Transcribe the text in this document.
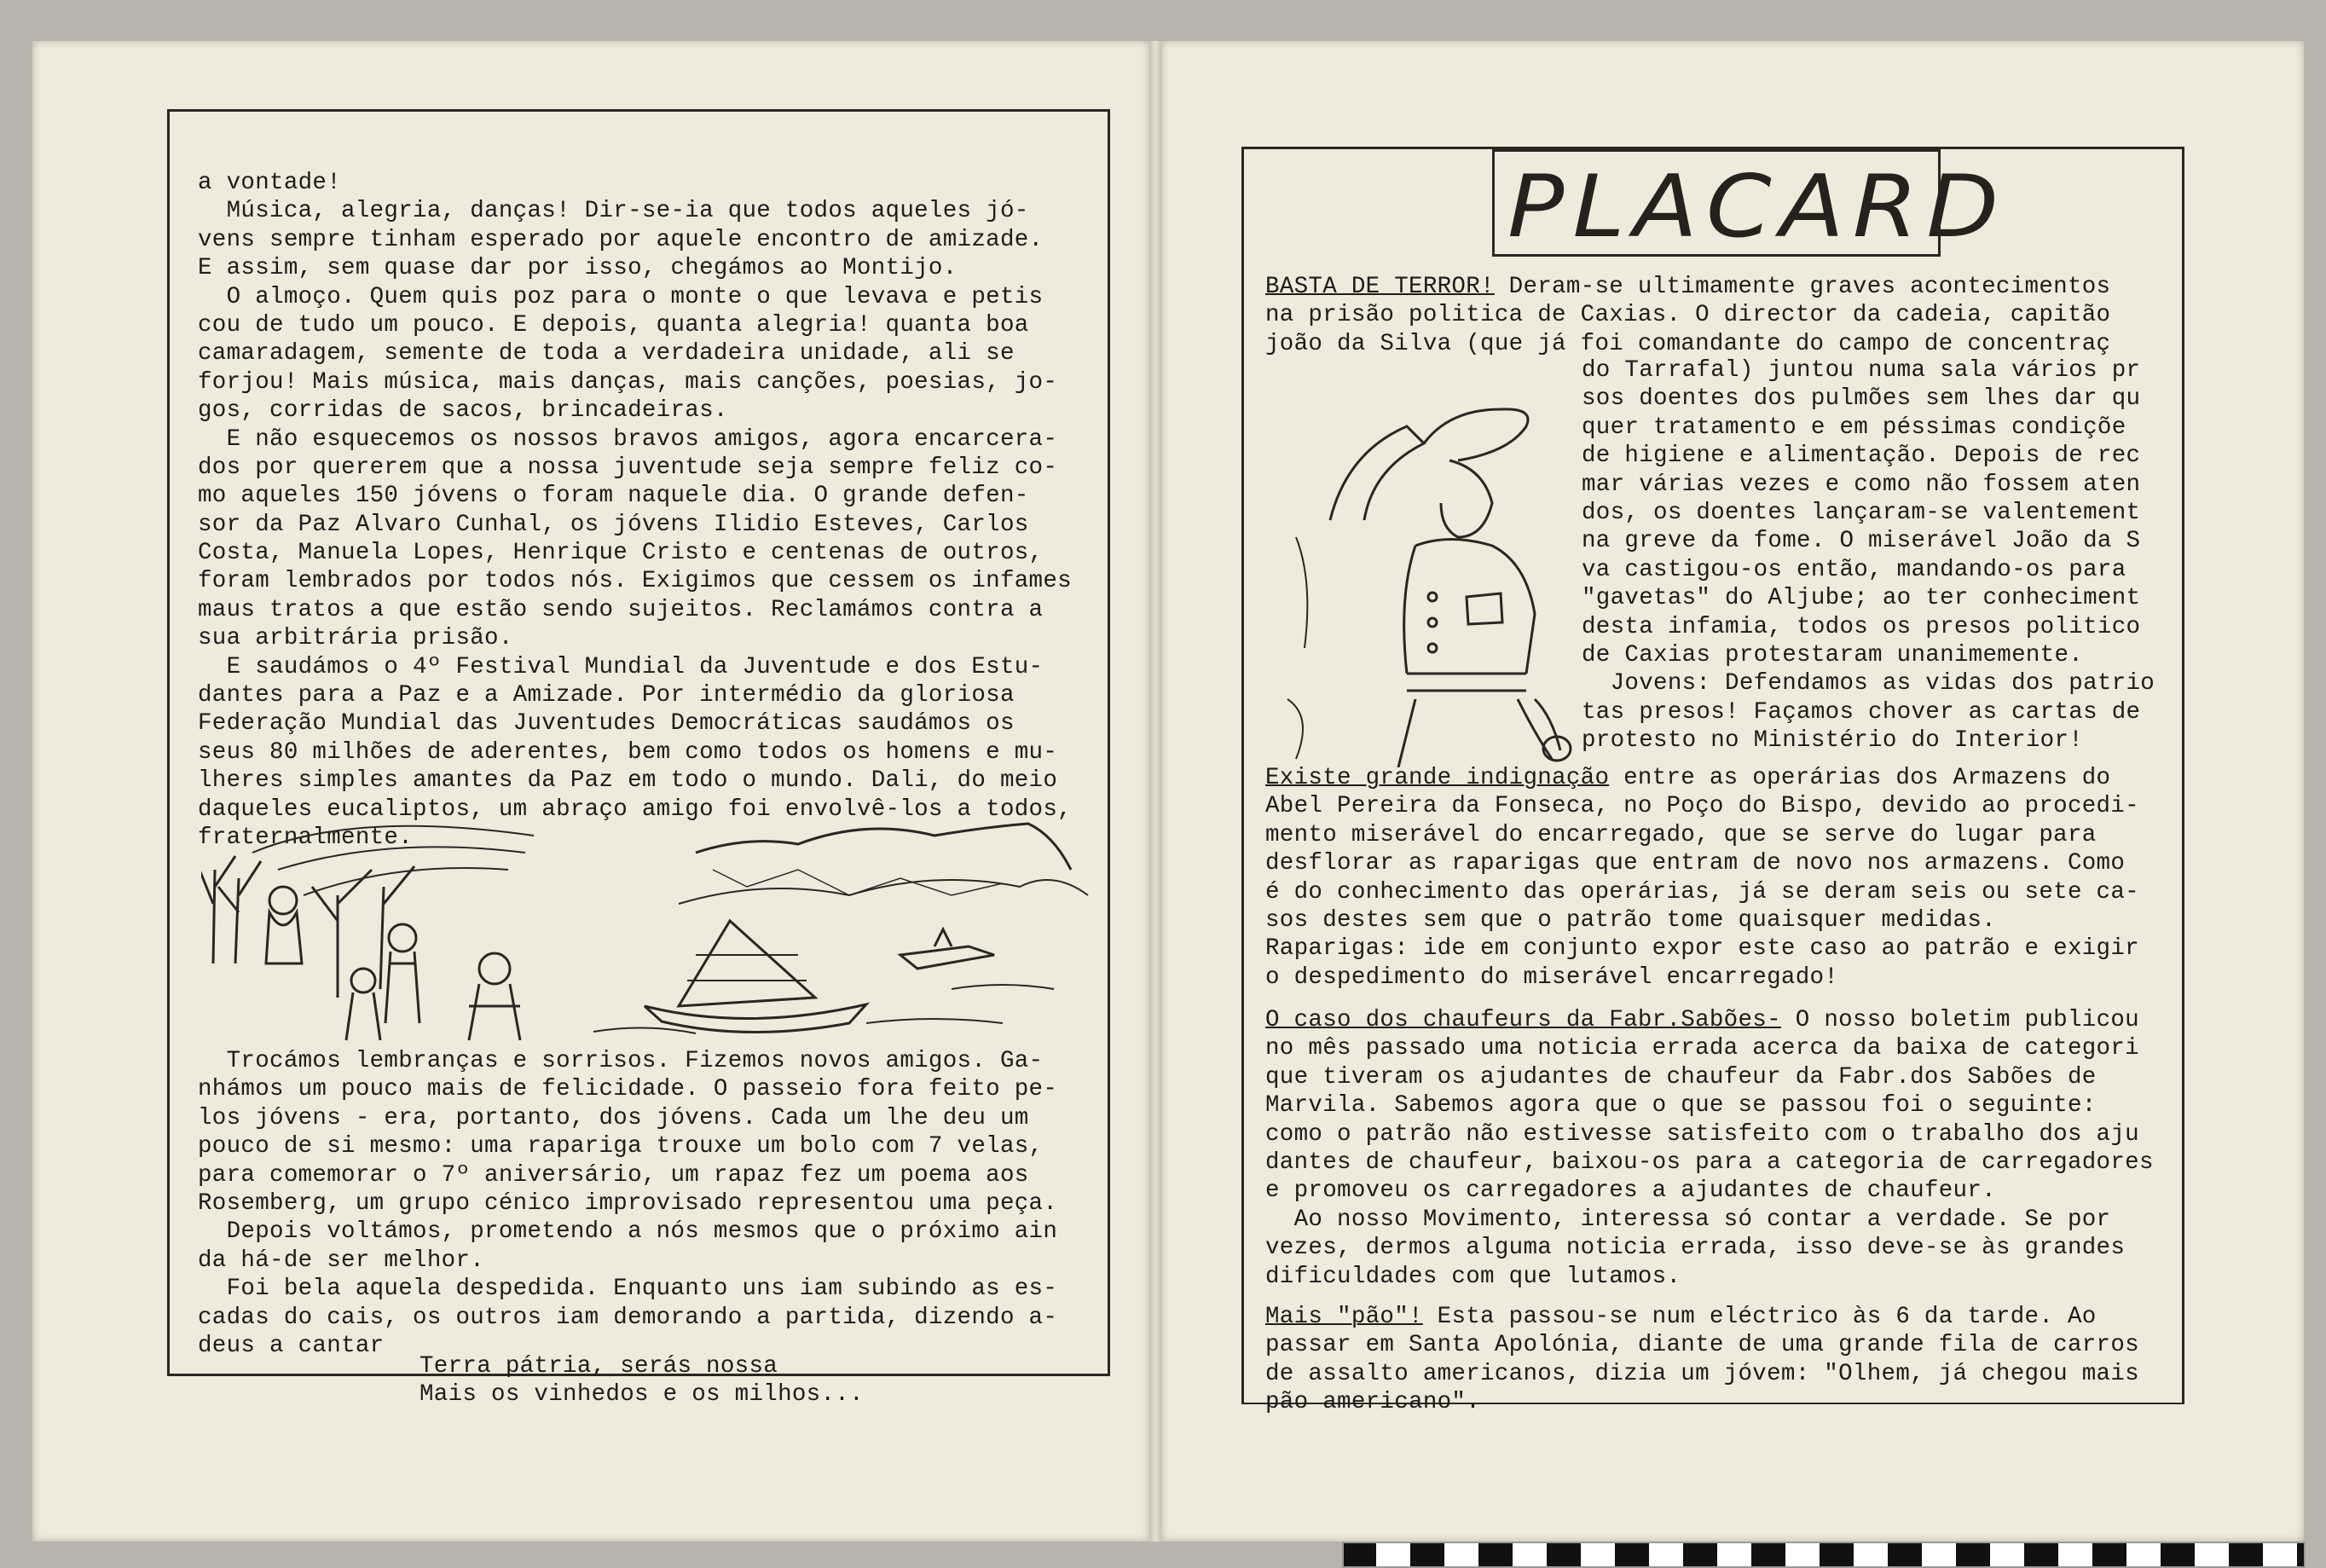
a vontade!
Música, alegria, danças! Dir-se-ia que todos aqueles jó-
vens sempre tinham esperado por aquele encontro de amizade.
E assim, sem quase dar por isso, chegámos ao Montijo.
O almoço. Quem quis poz para o monte o que levava e petis
cou de tudo um pouco. E depois, quanta alegria! quanta boa
camaradagem, semente de toda a verdadeira unidade, ali se
forjou! Mais música, mais danças, mais canções, poesias, jo-
gos, corridas de sacos, brincadeiras.
E não esquecemos os nossos bravos amigos, agora encarcera-
dos por quererem que a nossa juventude seja sempre feliz co-
mo aqueles 150 jóvens o foram naquele dia. O grande defen-
sor da Paz Alvaro Cunhal, os jóvens Ilidio Esteves, Carlos
Costa, Manuela Lopes, Henrique Cristo e centenas de outros,
foram lembrados por todos nós. Exigimos que cessem os infames
maus tratos a que estão sendo sujeitos. Reclamámos contra a
sua arbitrária prisão.
E saudámos o 4º Festival Mundial da Juventude e dos Estu-
dantes para a Paz e a Amizade. Por intermédio da gloriosa
Federação Mundial das Juventudes Democráticas saudámos os
seus 80 milhões de aderentes, bem como todos os homens e mu-
lheres simples amantes da Paz em todo o mundo. Dali, do meio
daqueles eucaliptos, um abraço amigo foi envolvê-los a todos,
fraternalmente.
Trocámos lembranças e sorrisos. Fizemos novos amigos. Ga-
nhámos um pouco mais de felicidade. O passeio fora feito pe-
los jóvens - era, portanto, dos jóvens. Cada um lhe deu um
pouco de si mesmo: uma rapariga trouxe um bolo com 7 velas,
para comemorar o 7º aniversário, um rapaz fez um poema aos
Rosemberg, um grupo cénico improvisado representou uma peça.
Depois voltámos, prometendo a nós mesmos que o próximo ain
da há-de ser melhor.
Foi bela aquela despedida. Enquanto uns iam subindo as es-
cadas do cais, os outros iam demorando a partida, dizendo a-
deus a cantar
Terra pátria, serás nossa
Mais os vinhedos e os milhos...
PLACARD
BASTA DE TERROR! Deram-se ultimamente graves acontecimentos
na prisão politica de Caxias. O director da cadeia, capitão
joão da Silva (que já foi comandante do campo de concentraç
do Tarrafal) juntou numa sala vários pr
sos doentes dos pulmões sem lhes dar qu
quer tratamento e em péssimas condiçõe
de higiene e alimentação. Depois de rec
mar várias vezes e como não fossem aten
dos, os doentes lançaram-se valentement
na greve da fome. O miserável João da S
va castigou-os então, mandando-os para
"gavetas" do Aljube; ao ter conheciment
desta infamia, todos os presos politico
de Caxias protestaram unanimemente.
Jovens: Defendamos as vidas dos patrio
tas presos! Façamos chover as cartas de
protesto no Ministério do Interior!
Existe grande indignação entre as operárias dos Armazens do
Abel Pereira da Fonseca, no Poço do Bispo, devido ao procedi-
mento miserável do encarregado, que se serve do lugar para
desflorar as raparigas que entram de novo nos armazens. Como
é do conhecimento das operárias, já se deram seis ou sete ca-
sos destes sem que o patrão tome quaisquer medidas.
Raparigas: ide em conjunto expor este caso ao patrão e exigir
o despedimento do miserável encarregado!
O caso dos chaufeurs da Fabr.Sabões- O nosso boletim publicou
no mês passado uma noticia errada acerca da baixa de categori
que tiveram os ajudantes de chaufeur da Fabr.dos Sabões de
Marvila. Sabemos agora que o que se passou foi o seguinte:
como o patrão não estivesse satisfeito com o trabalho dos aju
dantes de chaufeur, baixou-os para a categoria de carregadores
e promoveu os carregadores a ajudantes de chaufeur.
Ao nosso Movimento, interessa só contar a verdade. Se por
vezes, dermos alguma noticia errada, isso deve-se às grandes
dificuldades com que lutamos.
Mais "pão"! Esta passou-se num eléctrico às 6 da tarde. Ao
passar em Santa Apolónia, diante de uma grande fila de carros
de assalto americanos, dizia um jóvem: "Olhem, já chegou mais
pão americano".
